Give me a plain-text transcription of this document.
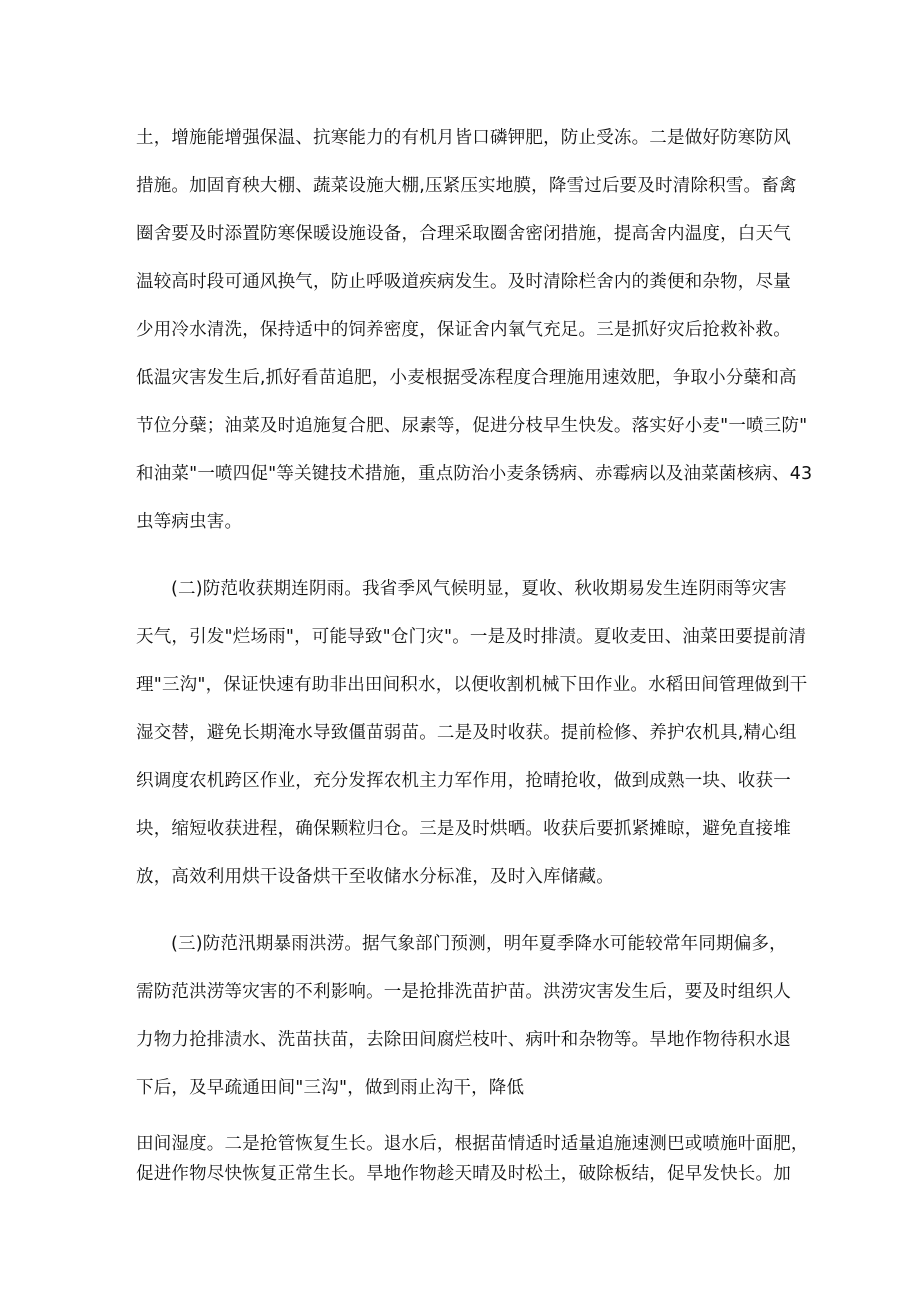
土，增施能增强保温、抗寒能力的有机月皆口磷钾肥，防止受冻。二是做好防寒防风
措施。加固育秧大棚、蔬菜设施大棚,压紧压实地膜，降雪过后要及时清除积雪。畜禽
圈舍要及时添置防寒保暖设施设备，合理采取圈舍密闭措施，提高舍内温度，白天气
温较高时段可通风换气，防止呼吸道疾病发生。及时清除栏舍内的粪便和杂物，尽量
少用冷水清洗，保持适中的饲养密度，保证舍内氧气充足。三是抓好灾后抢救补救。
低温灾害发生后,抓好看苗追肥，小麦根据受冻程度合理施用速效肥，争取小分蘖和高
节位分蘖；油菜及时追施复合肥、尿素等，促进分枝早生快发。落实好小麦"一喷三防"
和油菜"一喷四促"等关键技术措施，重点防治小麦条锈病、赤霉病以及油菜菌核病、43
虫等病虫害。
(二)防范收获期连阴雨。我省季风气候明显，夏收、秋收期易发生连阴雨等灾害
天气，引发"烂场雨"，可能导致"仓门灾"。一是及时排渍。夏收麦田、油菜田要提前清
理"三沟"，保证快速有助非出田间积水，以便收割机械下田作业。水稻田间管理做到干
湿交替，避免长期淹水导致僵苗弱苗。二是及时收获。提前检修、养护农机具,精心组
织调度农机跨区作业，充分发挥农机主力军作用，抢晴抢收，做到成熟一块、收获一
块，缩短收获进程，确保颗粒归仓。三是及时烘晒。收获后要抓紧摊晾，避免直接堆
放，高效利用烘干设备烘干至收储水分标准，及时入库储藏。
(三)防范汛期暴雨洪涝。据气象部门预测，明年夏季降水可能较常年同期偏多，
需防范洪涝等灾害的不利影响。一是抢排洗苗护苗。洪涝灾害发生后，要及时组织人
力物力抢排渍水、洗苗扶苗，去除田间腐烂枝叶、病叶和杂物等。旱地作物待积水退
下后，及早疏通田间"三沟"，做到雨止沟干，降低
田间湿度。二是抢管恢复生长。退水后，根据苗情适时适量追施速测巴或喷施叶面肥，
促进作物尽快恢复正常生长。旱地作物趁天晴及时松土，破除板结，促早发快长。加
